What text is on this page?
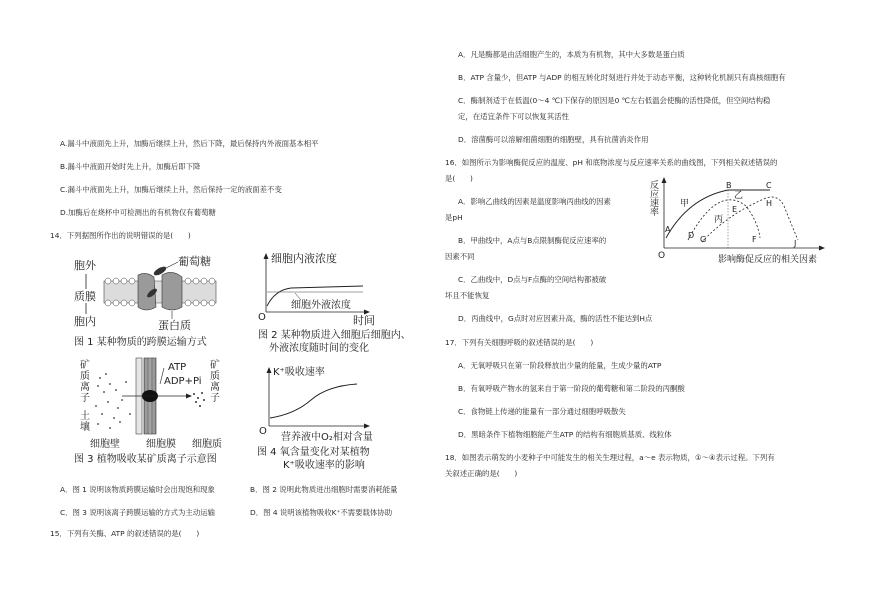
A.漏斗中液面先上升，加酶后继续上升，然后下降，最后保持内外液面基本相平
B.漏斗中液面开始时先上升，加酶后即下降
C.漏斗中液面先上升，加酶后继续上升，然后保持一定的液面差不变
D.加酶后在烧杯中可检测出的有机物仅有葡萄糖
14．下列据图所作出的说明错误的是(　　)
胞外
质膜
胞内
葡萄糖
蛋白质
图 1 某种物质的跨膜运输方式
细胞内液浓度
O
细胞外液浓度
时间
图 2 某种物质进入细胞后细胞内、
外液浓度随时间的变化
矿
质
离
子
土
壤
ATP
ADP+Pi
矿
质
离
子
细胞壁	细胞膜 细胞质
图 3 植物吸收某矿质离子示意图
K⁺吸收速率
O
营养液中O₂相对含量
图 4 氧含量变化对某植物
K⁺吸收速率的影响
A．图 1 说明该物质跨膜运输时会出现饱和现象	B．图 2 说明此物质进出细胞时需要消耗能量
C．图 3 说明该离子跨膜运输的方式为主动运输	D．图 4 说明该植物吸收K⁺不需要载体协助
15．下列有关酶、ATP 的叙述错误的是(　　)
A．凡是酶都是由活细胞产生的，本质为有机物，其中大多数是蛋白质
B．ATP 含量少，但ATP 与ADP 的相互转化时刻进行并处于动态平衡，这种转化机制只有真核细胞有
C．酶制剂适于在低温(0～4 ℃)下保存的原因是0 ℃左右低温会使酶的活性降低，但空间结构稳
定，在适宜条件下可以恢复其活性
D．溶菌酶可以溶解细菌细胞的细胞壁，具有抗菌消炎作用
16．如图所示为影响酶促反应的温度、pH 和底物浓度与反应速率关系的曲线图，下列相关叙述错误的
是(　　)
A．影响乙曲线的因素是温度影响丙曲线的因素
是pH
B．甲曲线中，A点与B点限制酶促反应速率的
因素不同
C．乙曲线中，D点与F点酶的空间结构都被破
坏且不能恢复
D．丙曲线中，G点时对应因素升高，酶的活性不能达到H点
反
应
速
率
O	影响酶促反应的相关因素
甲
乙
丙
A
B	C
D
E
F
G
H
J
17．下列有关细胞呼吸的叙述错误的是(　　)
A．无氧呼吸只在第一阶段释放出少量的能量，生成少量的ATP
B．有氧呼吸产物水的氢来自于第一阶段的葡萄糖和第二阶段的丙酮酸
C．食物链上传递的能量有一部分通过细胞呼吸散失
D．黑暗条件下植物细胞能产生ATP 的结构有细胞质基质、线粒体
18．如图表示萌发的小麦种子中可能发生的相关生理过程，a～e 表示物质，①～④表示过程。下列有
关叙述正确的是(　　)
